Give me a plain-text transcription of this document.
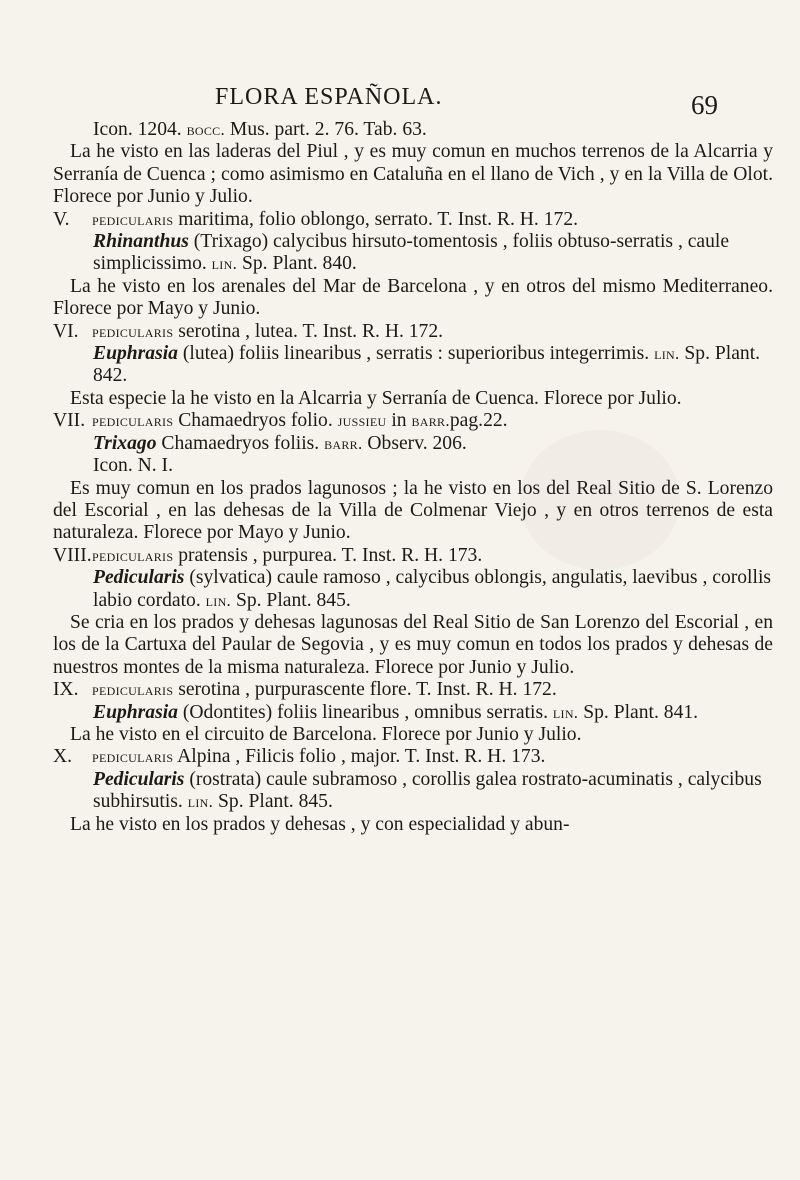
FLORA ESPAÑOLA.	69

Icon. 1204. bocc. Mus. part. 2. 76. Tab. 63.

La he visto en las laderas del Piul , y es muy comun en muchos terrenos de la Alcarria y Serranía de Cuenca ; como asimismo en Cataluña en el llano de Vich , y en la Villa de Olot. Florece por Junio y Julio.

V. pedicularis maritima, folio oblongo, serrato. T. Inst. R. H. 172.

Rhinanthus (Trixago) calycibus hirsuto-tomentosis , foliis obtuso-serratis , caule simplicissimo. lin. Sp. Plant. 840.

La he visto en los arenales del Mar de Barcelona , y en otros del mismo Mediterraneo. Florece por Mayo y Junio.

VI. pedicularis serotina , lutea. T. Inst. R. H. 172.

Euphrasia (lutea) foliis linearibus , serratis : superioribus integerrimis. lin. Sp. Plant. 842.

Esta especie la he visto en la Alcarria y Serranía de Cuenca. Florece por Julio.

VII. pedicularis Chamaedryos folio. jussieu in barr.pag.22.

Trixago Chamaedryos foliis. barr. Observ. 206.

Icon. N. I.

Es muy comun en los prados lagunosos ; la he visto en los del Real Sitio de S. Lorenzo del Escorial , en las dehesas de la Villa de Colmenar Viejo , y en otros terrenos de esta naturaleza. Florece por Mayo y Junio.

VIII.pedicularis pratensis , purpurea. T. Inst. R. H. 173.

Pedicularis (sylvatica) caule ramoso , calycibus oblongis, angulatis, laevibus , corollis labio cordato. lin. Sp. Plant. 845.

Se cria en los prados y dehesas lagunosas del Real Sitio de San Lorenzo del Escorial , en los de la Cartuxa del Paular de Segovia , y es muy comun en todos los prados y dehesas de nuestros montes de la misma naturaleza. Florece por Junio y Julio.

IX. pedicularis serotina , purpurascente flore. T. Inst. R. H. 172.

Euphrasia (Odontites) foliis linearibus , omnibus serratis. lin. Sp. Plant. 841.

La he visto en el circuito de Barcelona. Florece por Junio y Julio.

X. pedicularis Alpina , Filicis folio , major. T. Inst. R. H. 173.

Pedicularis (rostrata) caule subramoso , corollis galea rostrato-acuminatis , calycibus subhirsutis. lin. Sp. Plant. 845.

La he visto en los prados y dehesas , y con especialidad y abun-
